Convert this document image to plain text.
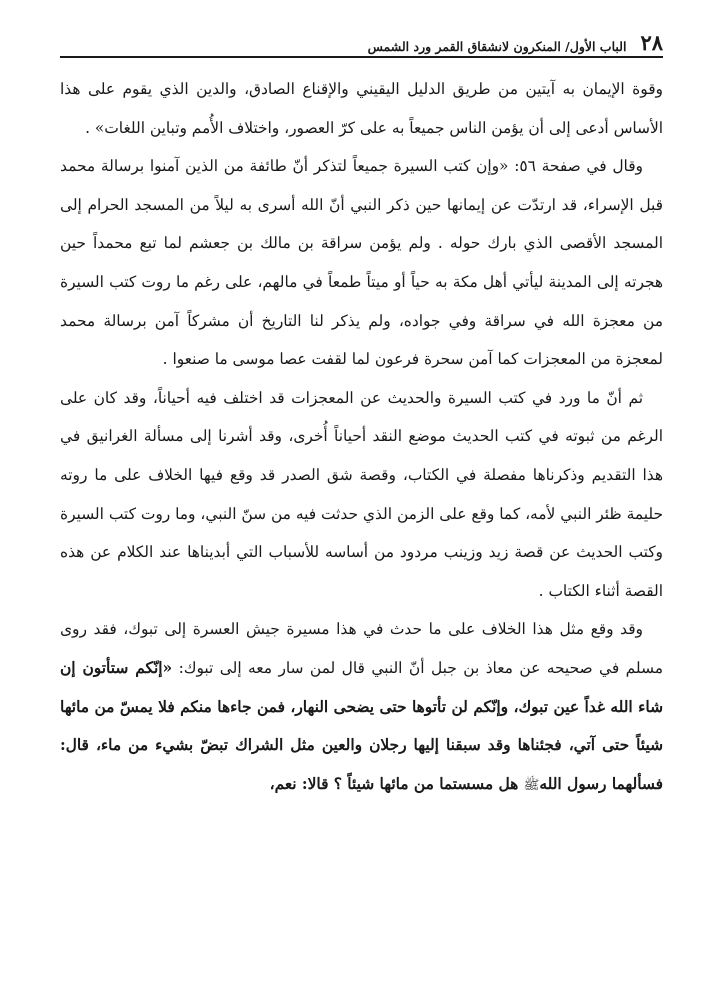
٢٨
الباب الأول/ المنكرون لانشقاق القمر ورد الشمس

وقوة الإيمان به آيتين من طريق الدليل اليقيني والإقناع الصادق، والدين الذي يقوم على هذا الأساس أدعى إلى أن يؤمن الناس جميعاً به على كرّ العصور، واختلاف الأُمم وتباين اللغات» .

وقال في صفحة ٥٦: «وإن كتب السيرة جميعاً لتذكر أنّ طائفة من الذين آمنوا برسالة محمد قبل الإسراء، قد ارتدّت عن إيمانها حين ذكر النبي أنّ الله أسرى به ليلاً من المسجد الحرام إلى المسجد الأقصى الذي بارك حوله . ولم يؤمن سراقة بن مالك بن جعشم لما تبع محمداً حين هجرته إلى المدينة ليأتي أهل مكة به حياً أو ميتاً طمعاً في مالهم، على رغم ما روت كتب السيرة من معجزة الله في سراقة وفي جواده، ولم يذكر لنا التاريخ أن مشركاً آمن برسالة محمد لمعجزة من المعجزات كما آمن سحرة فرعون لما لقفت عصا موسى ما صنعوا .

ثم أنّ ما ورد في كتب السيرة والحديث عن المعجزات قد اختلف فيه أحياناً، وقد كان على الرغم من ثبوته في كتب الحديث موضع النقد أحياناً أُخرى، وقد أشرنا إلى مسألة الغرانيق في هذا التقديم وذكرناها مفصلة في الكتاب، وقصة شق الصدر قد وقع فيها الخلاف على ما روته حليمة ظئر النبي لأمه، كما وقع على الزمن الذي حدثت فيه من سنّ النبي، وما روت كتب السيرة وكتب الحديث عن قصة زيد وزينب مردود من أساسه للأسباب التي أبديناها عند الكلام عن هذه القصة أثناء الكتاب .

وقد وقع مثل هذا الخلاف على ما حدث في هذا مسيرة جيش العسرة إلى تبوك، فقد روى مسلم في صحيحه عن معاذ بن جبل أنّ النبي قال لمن سار معه إلى تبوك: «إنّكم ستأتون إن شاء الله غداً عين تبوك، وإنّكم لن تأتوها حتى يضحى النهار، فمن جاءها منكم فلا يمسّ من مائها شيئاً حتى آتي، فجئناها وقد سبقنا إليها رجلان والعين مثل الشراك تبضّ بشيء من ماء، قال: فسألهما رسول اللهﷺ هل مسستما من مائها شيئاً ؟ قالا: نعم،
